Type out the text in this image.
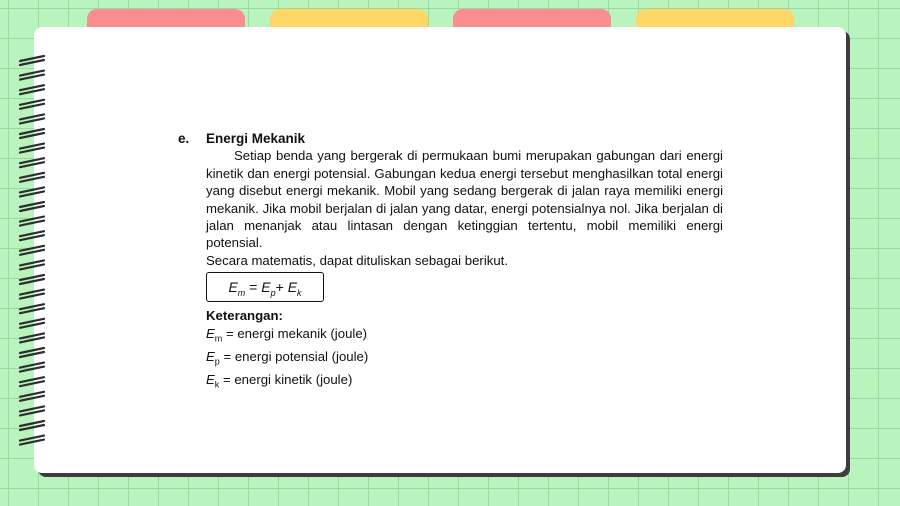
e.	Energi Mekanik
Setiap benda yang bergerak di permukaan bumi merupakan gabungan dari energi kinetik dan energi potensial. Gabungan kedua energi tersebut menghasilkan total energi yang disebut energi mekanik. Mobil yang sedang bergerak di jalan raya memiliki energi mekanik. Jika mobil berjalan di jalan yang datar, energi potensialnya nol. Jika berjalan di jalan menanjak atau lintasan dengan ketinggian tertentu, mobil memiliki energi potensial.
Secara matematis, dapat dituliskan sebagai berikut.
$E_m = E_p+ E_k$
Keterangan:
$E_m$ = energi mekanik (joule)
$E_p$ = energi potensial (joule)
$E_k$ = energi kinetik (joule)
